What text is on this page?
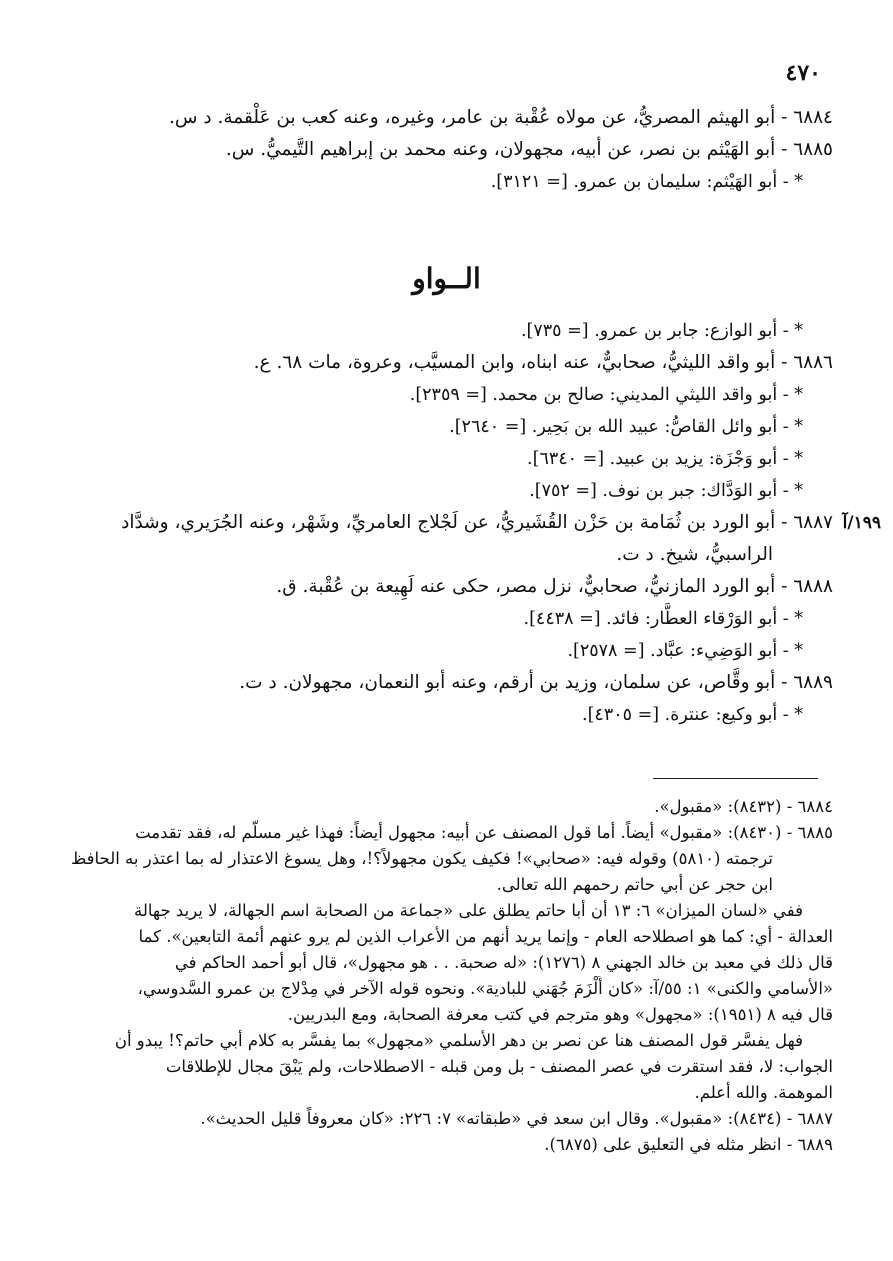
٤٧٠
٦٨٨٤ - أبو الهيثم المصريُّ، عن مولاه عُقْبة بن عامر، وغيره، وعنه كعب بن عَلْقمة. د س.
٦٨٨٥ - أبو الهَيْثم بن نصر، عن أبيه، مجهولان، وعنه محمد بن إبراهيم التَّيميُّ. س.
* - أبو الهَيْثم: سليمان بن عمرو. [= ٣١٢١].
الــواو
* - أبو الوازع: جابر بن عمرو. [= ٧٣٥].
٦٨٨٦ - أبو واقد الليثيُّ، صحابيٌّ، عنه ابناه، وابن المسيَّب، وعروة، مات ٦٨. ع.
* - أبو واقد الليثي المديني: صالح بن محمد. [= ٢٣٥٩].
* - أبو وائل القاصُّ: عبيد الله بن بَحِير. [= ٢٦٤٠].
* - أبو وَجْزَة: يزيد بن عبيد. [= ٦٣٤٠].
* - أبو الوَدَّاك: جبر بن نوف. [= ٧٥٢].
٦٨٨٧ - أبو الورد بن ثُمَامة بن حَزْن القُشَيريُّ، عن لَجْلاج العامريِّ، وشَهْر، وعنه الجُرَيري، وشدَّاد
الراسبيُّ، شيخ. د ت.
٦٨٨٨ - أبو الورد المازنيُّ، صحابيٌّ، نزل مصر، حكى عنه لَهِيعة بن عُقْبة. ق.
* - أبو الوَرْقاء العطَّار: فائد. [= ٤٤٣٨].
* - أبو الوَضِيء: عبَّاد. [= ٢٥٧٨].
٦٨٨٩ - أبو وقَّاص، عن سلمان، وزيد بن أرقم، وعنه أبو النعمان، مجهولان. د ت.
* - أبو وكيع: عنترة. [= ٤٣٠٥].
١٩٩/آ
٦٨٨٤ - (٨٤٣٢): «مقبول».
٦٨٨٥ - (٨٤٣٠): «مقبول» أيضاً. أما قول المصنف عن أبيه: مجهول أيضاً: فهذا غير مسلَّم له، فقد تقدمت
ترجمته (٥٨١٠) وقوله فيه: «صحابي»! فكيف يكون مجهولاً؟!، وهل يسوغ الاعتذار له بما اعتذر به الحافظ
ابن حجر عن أبي حاتم رحمهم الله تعالى.
ففي «لسان الميزان» ٦: ١٣ أن أبا حاتم يطلق على «جماعة من الصحابة اسم الجهالة، لا يريد جهالة
العدالة - أي: كما هو اصطلاحه العام - وإنما يريد أنهم من الأعراب الذين لم يرو عنهم أئمة التابعين». كما
قال ذلك في معبد بن خالد الجهني ٨ (١٢٧٦): «له صحبة. . . هو مجهول»، قال أبو أحمد الحاكم في
«الأسامي والكنى» ١: ٥٥/آ: «كان أَلْزَمَ جُهَني للبادية». ونحوه قوله الآخر في مِدْلاج بن عمرو السَّدوسي،
قال فيه ٨ (١٩٥١): «مجهول» وهو مترجم في كتب معرفة الصحابة، ومع البدريين.
فهل يفسَّر قول المصنف هنا عن نصر بن دهر الأسلمي «مجهول» بما يفسَّر به كلام أبي حاتم؟! يبدو أن
الجواب: لا، فقد استقرت في عصر المصنف - بل ومن قبله - الاصطلاحات، ولم يَبْقَ مجال للإطلاقات
الموهمة. والله أعلم.
٦٨٨٧ - (٨٤٣٤): «مقبول». وقال ابن سعد في «طبقاته» ٧: ٢٢٦: «كان معروفاً قليل الحديث».
٦٨٨٩ - انظر مثله في التعليق على (٦٨٧٥).
